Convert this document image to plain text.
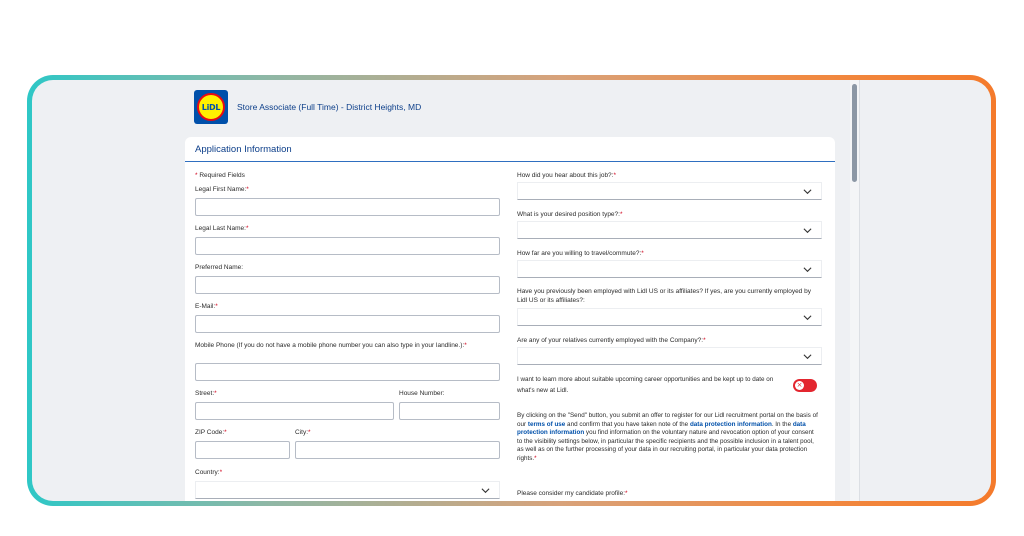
LiDL	Store Associate (Full Time) - District Heights, MD
Application Information
* Required Fields
Legal First Name:*
Legal Last Name:*
Preferred Name:
E-Mail:*
Mobile Phone (If you do not have a mobile phone number you can also type in your landline.):*
Street:*	House Number:
ZIP Code:*	City:*
Country:*
How did you hear about this job?:*
What is your desired position type?:*
How far are you willing to travel/commute?:*
Have you previously been employed with Lidl US or its affiliates? If yes, are you currently employed by Lidl US or its affiliates?:
Are any of your relatives currently employed with the Company?:*
I want to learn more about suitable upcoming career opportunities and be kept up to date on what's new at Lidl.
×
By clicking on the "Send" button, you submit an offer to register for our Lidl recruitment portal on the basis of our terms of use and confirm that you have taken note of the data protection information. In the data protection information you find information on the voluntary nature and revocation option of your consent to the visibility settings below, in particular the specific recipients and the possible inclusion in a talent pool, as well as on the further processing of your data in our recruiting portal, in particular your data protection rights.*
Please consider my candidate profile:*
